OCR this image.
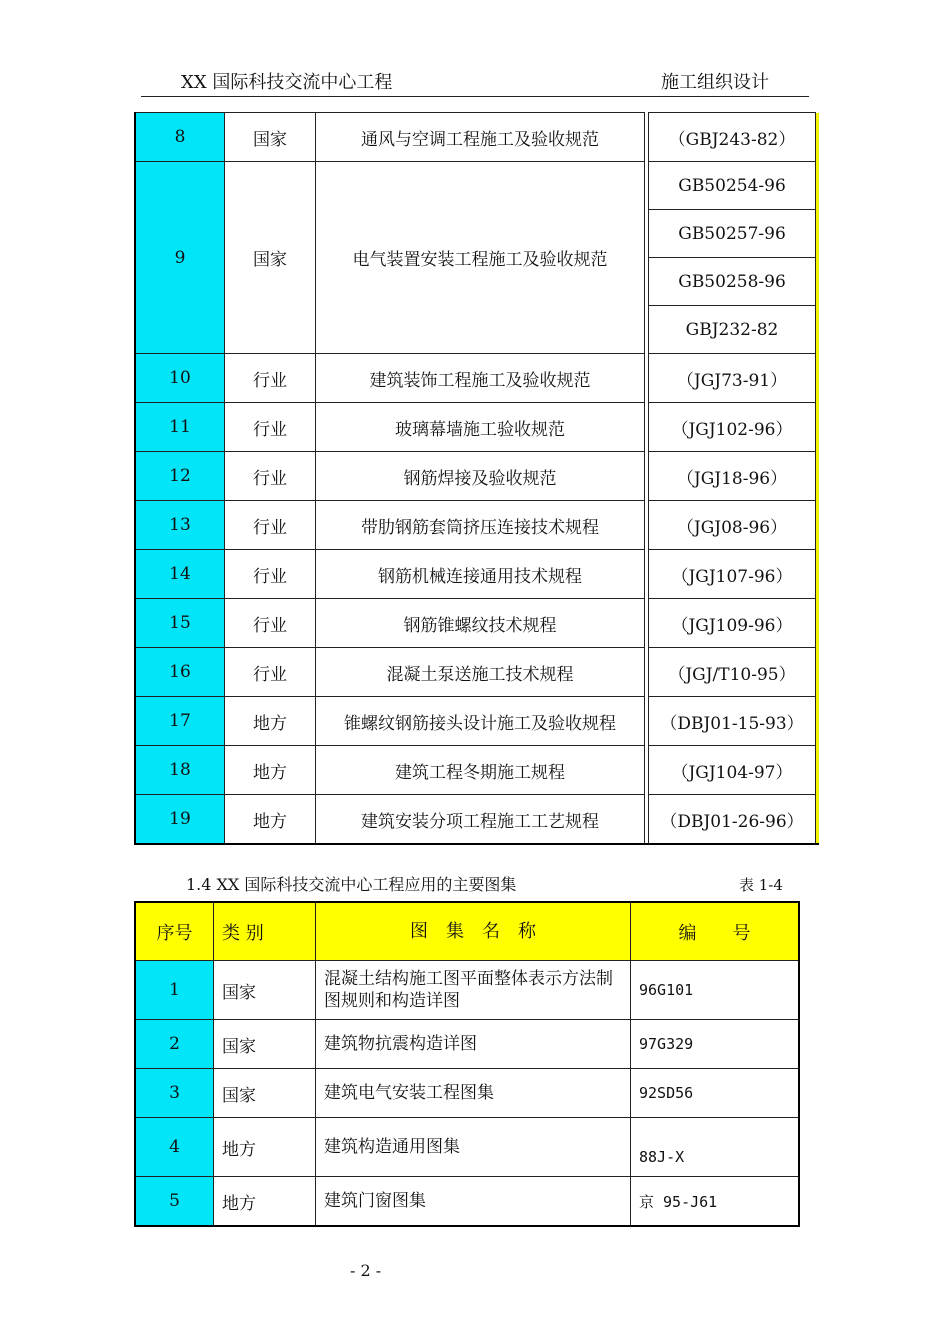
XX 国际科技交流中心工程	施工组织设计
8	国家	通风与空调工程施工及验收规范		（GBJ243-82）	
9	国家	电气装置安装工程施工及验收规范		GB50254-96	
				GB50257-96	
				GB50258-96	
				GBJ232-82	
10	行业	建筑装饰工程施工及验收规范		（JGJ73-91）	
11	行业	玻璃幕墙施工验收规范		（JGJ102-96）	
12	行业	钢筋焊接及验收规范		（JGJ18-96）	
13	行业	带肋钢筋套筒挤压连接技术规程		（JGJ08-96）	
14	行业	钢筋机械连接通用技术规程		（JGJ107-96）	
15	行业	钢筋锥螺纹技术规程		（JGJ109-96）	
16	行业	混凝土泵送施工技术规程		（JGJ/T10-95）	
17	地方	锥螺纹钢筋接头设计施工及验收规程		（DBJ01-15-93）	
18	地方	建筑工程冬期施工规程		（JGJ104-97）	
19	地方	建筑安装分项工程施工工艺规程		（DBJ01-26-96）	
1.4 XX 国际科技交流中心工程应用的主要图集	表 1-4
序号	类 别	图　集　名　称	编　　号
1	国家	混凝土结构施工图平面整体表示方法制图规则和构造详图	96G101
2	国家	建筑物抗震构造详图	97G329
3	国家	建筑电气安装工程图集	92SD56
4	地方	建筑构造通用图集	88J-X
5	地方	建筑门窗图集	京 95-J61
- 2 -
